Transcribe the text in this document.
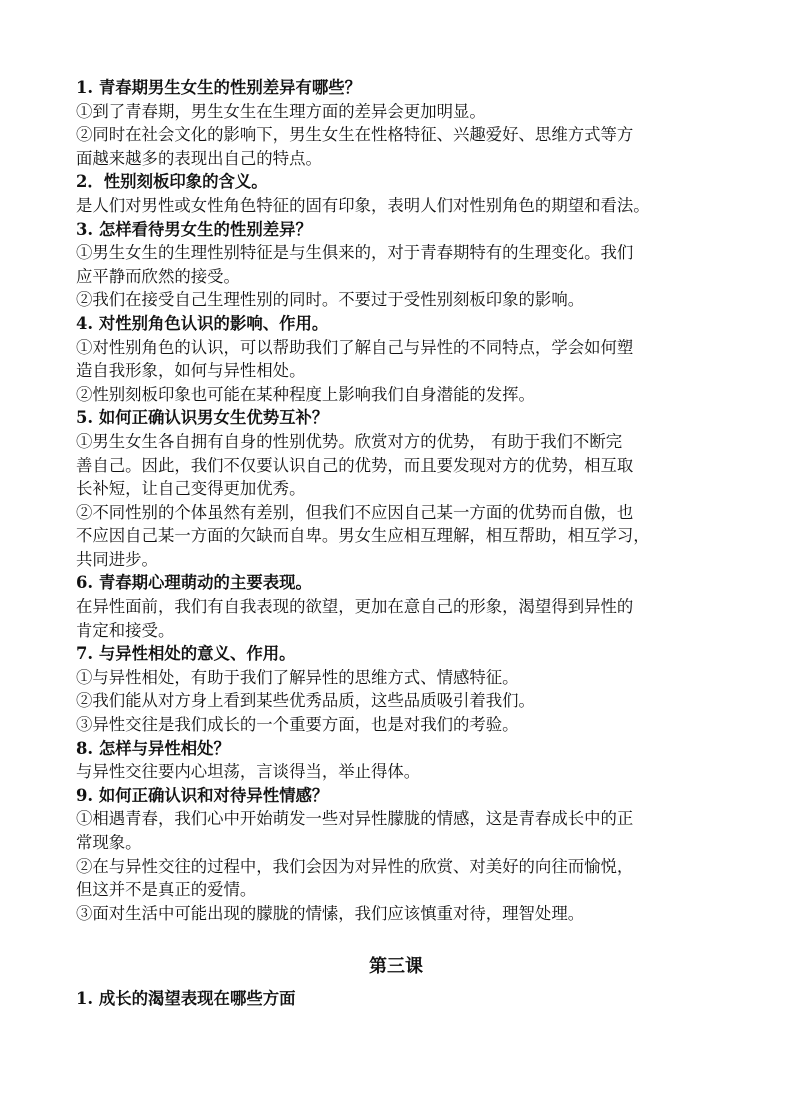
1. 青春期男生女生的性别差异有哪些？
①到了青春期，男生女生在生理方面的差异会更加明显。
②同时在社会文化的影响下，男生女生在性格特征、兴趣爱好、思维方式等方
面越来越多的表现出自己的特点。
2．性别刻板印象的含义。
是人们对男性或女性角色特征的固有印象，表明人们对性别角色的期望和看法。
3. 怎样看待男女生的性别差异？
①男生女生的生理性别特征是与生俱来的，对于青春期特有的生理变化。我们
应平静而欣然的接受。
②我们在接受自己生理性别的同时。不要过于受性别刻板印象的影响。
4. 对性别角色认识的影响、作用。
①对性别角色的认识，可以帮助我们了解自己与异性的不同特点，学会如何塑
造自我形象，如何与异性相处。
②性别刻板印象也可能在某种程度上影响我们自身潜能的发挥。
5. 如何正确认识男女生优势互补？
①男生女生各自拥有自身的性别优势。欣赏对方的优势， 有助于我们不断完
善自己。因此，我们不仅要认识自己的优势，而且要发现对方的优势，相互取
长补短，让自己变得更加优秀。
②不同性别的个体虽然有差别，但我们不应因自己某一方面的优势而自傲，也
不应因自己某一方面的欠缺而自卑。男女生应相互理解，相互帮助，相互学习，
共同进步。
6. 青春期心理萌动的主要表现。
在异性面前，我们有自我表现的欲望，更加在意自己的形象，渴望得到异性的
肯定和接受。
7. 与异性相处的意义、作用。
①与异性相处，有助于我们了解异性的思维方式、情感特征。
②我们能从对方身上看到某些优秀品质，这些品质吸引着我们。
③异性交往是我们成长的一个重要方面，也是对我们的考验。
8. 怎样与异性相处？
与异性交往要内心坦荡，言谈得当，举止得体。
9. 如何正确认识和对待异性情感？
①相遇青春，我们心中开始萌发一些对异性朦胧的情感，这是青春成长中的正
常现象。
②在与异性交往的过程中，我们会因为对异性的欣赏、对美好的向往而愉悦，
但这并不是真正的爱情。
③面对生活中可能出现的朦胧的情愫，我们应该慎重对待，理智处理。
第三课
1. 成长的渴望表现在哪些方面
